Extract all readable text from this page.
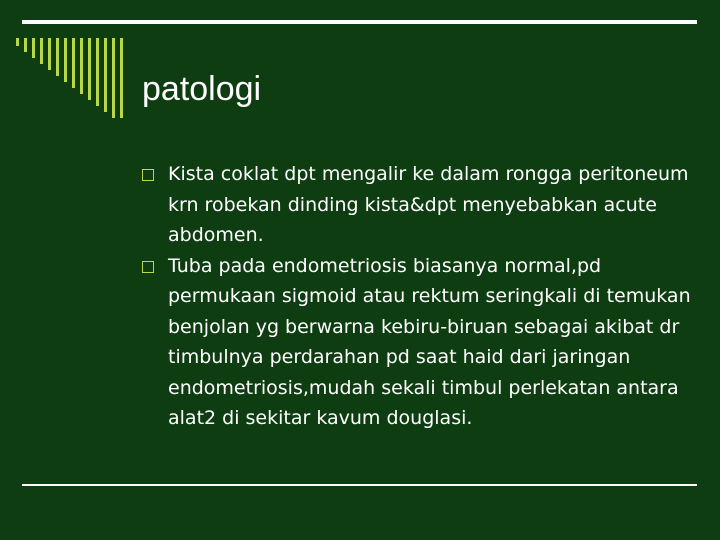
patologi
Kista coklat dpt mengalir ke dalam rongga peritoneum krn robekan dinding kista&dpt menyebabkan acute abdomen.
Tuba pada endometriosis biasanya normal,pd permukaan sigmoid atau rektum seringkali di temukan benjolan yg berwarna kebiru-biruan sebagai akibat dr timbulnya perdarahan pd saat haid dari jaringan endometriosis,mudah sekali timbul perlekatan antara alat2 di sekitar kavum douglasi.
